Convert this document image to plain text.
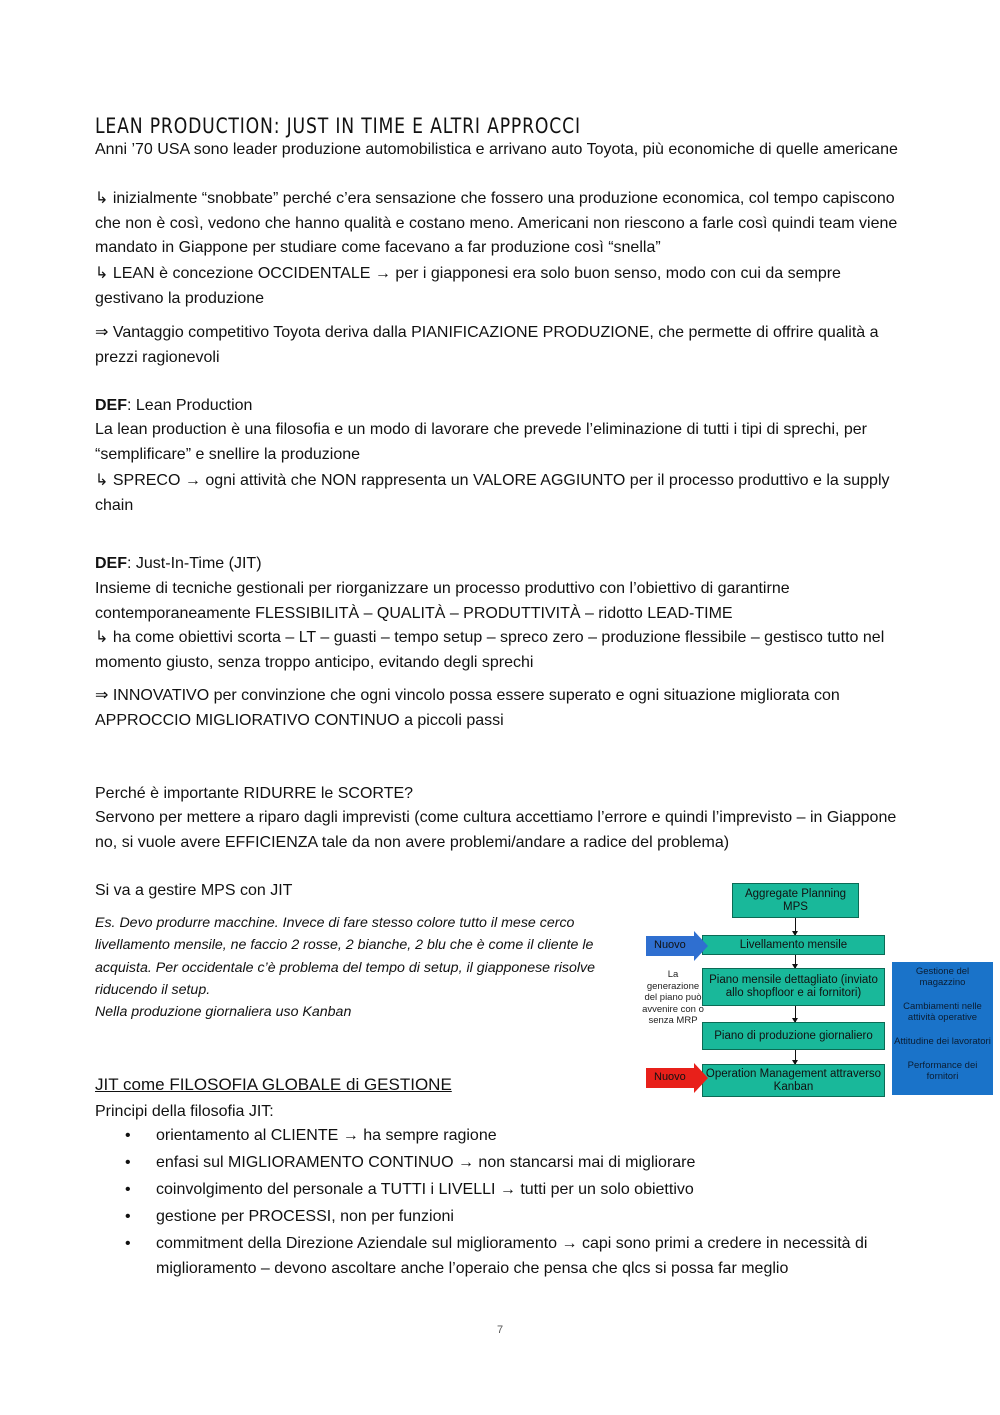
LEAN PRODUCTION: JUST IN TIME E ALTRI APPROCCI

Anni ’70 USA sono leader produzione automobilistica e arrivano auto Toyota, più economiche di quelle americane

↳ inizialmente “snobbate” perché c’era sensazione che fossero una produzione economica, col tempo capiscono che non è così, vedono che hanno qualità e costano meno. Americani non riescono a farle così quindi team viene mandato in Giappone per studiare come facevano a far produzione così “snella”

↳ LEAN è concezione OCCIDENTALE → per i giapponesi era solo buon senso, modo con cui da sempre gestivano la produzione

⇒ Vantaggio competitivo Toyota deriva dalla PIANIFICAZIONE PRODUZIONE, che permette di offrire qualità a prezzi ragionevoli

DEF: Lean Production

La lean production è una filosofia e un modo di lavorare che prevede l’eliminazione di tutti i tipi di sprechi, per “semplificare” e snellire la produzione

↳ SPRECO → ogni attività che NON rappresenta un VALORE AGGIUNTO per il processo produttivo e la supply chain

DEF: Just-In-Time (JIT)

Insieme di tecniche gestionali per riorganizzare un processo produttivo con l’obiettivo di garantirne contemporaneamente FLESSIBILITÀ – QUALITÀ – PRODUTTIVITÀ – ridotto LEAD-TIME

↳ ha come obiettivi scorta – LT – guasti – tempo setup – spreco zero – produzione flessibile – gestisco tutto nel momento giusto, senza troppo anticipo, evitando degli sprechi

⇒ INNOVATIVO per convinzione che ogni vincolo possa essere superato e ogni situazione migliorata con APPROCCIO MIGLIORATIVO CONTINUO a piccoli passi

Perché è importante RIDURRE le SCORTE?

Servono per mettere a riparo dagli imprevisti (come cultura accettiamo l’errore e quindi l’imprevisto – in Giappone no, si vuole avere EFFICIENZA tale da non avere problemi/andare a radice del problema)

Si va a gestire MPS con JIT

Es. Devo produrre macchine. Invece di fare stesso colore tutto il mese cerco livellamento mensile, ne faccio 2 rosse, 2 bianche, 2 blu che è come il cliente le acquista. Per occidentale c’è problema del tempo di setup, il giapponese risolve riducendo il setup.
Nella produzione giornaliera uso Kanban
Aggregate Planning MPS
Livellamento mensile
Piano mensile dettagliato (inviato allo shopfloor e ai fornitori)
Piano di produzione giornaliero
Operation Management attraverso Kanban
Nuovo
Nuovo
La generazione del piano può avvenire con o senza MRP
Gestione del magazzino
Cambiamenti nelle attività operative
Attitudine dei lavoratori
Performance dei fornitori
JIT come FILOSOFIA GLOBALE di GESTIONE

Principi della filosofia JIT:

• orientamento al CLIENTE → ha sempre ragione
• enfasi sul MIGLIORAMENTO CONTINUO → non stancarsi mai di migliorare
• coinvolgimento del personale a TUTTI i LIVELLI → tutti per un solo obiettivo
• gestione per PROCESSI, non per funzioni
• commitment della Direzione Aziendale sul miglioramento → capi sono primi a credere in necessità di miglioramento – devono ascoltare anche l’operaio che pensa che qlcs si possa far meglio
7
